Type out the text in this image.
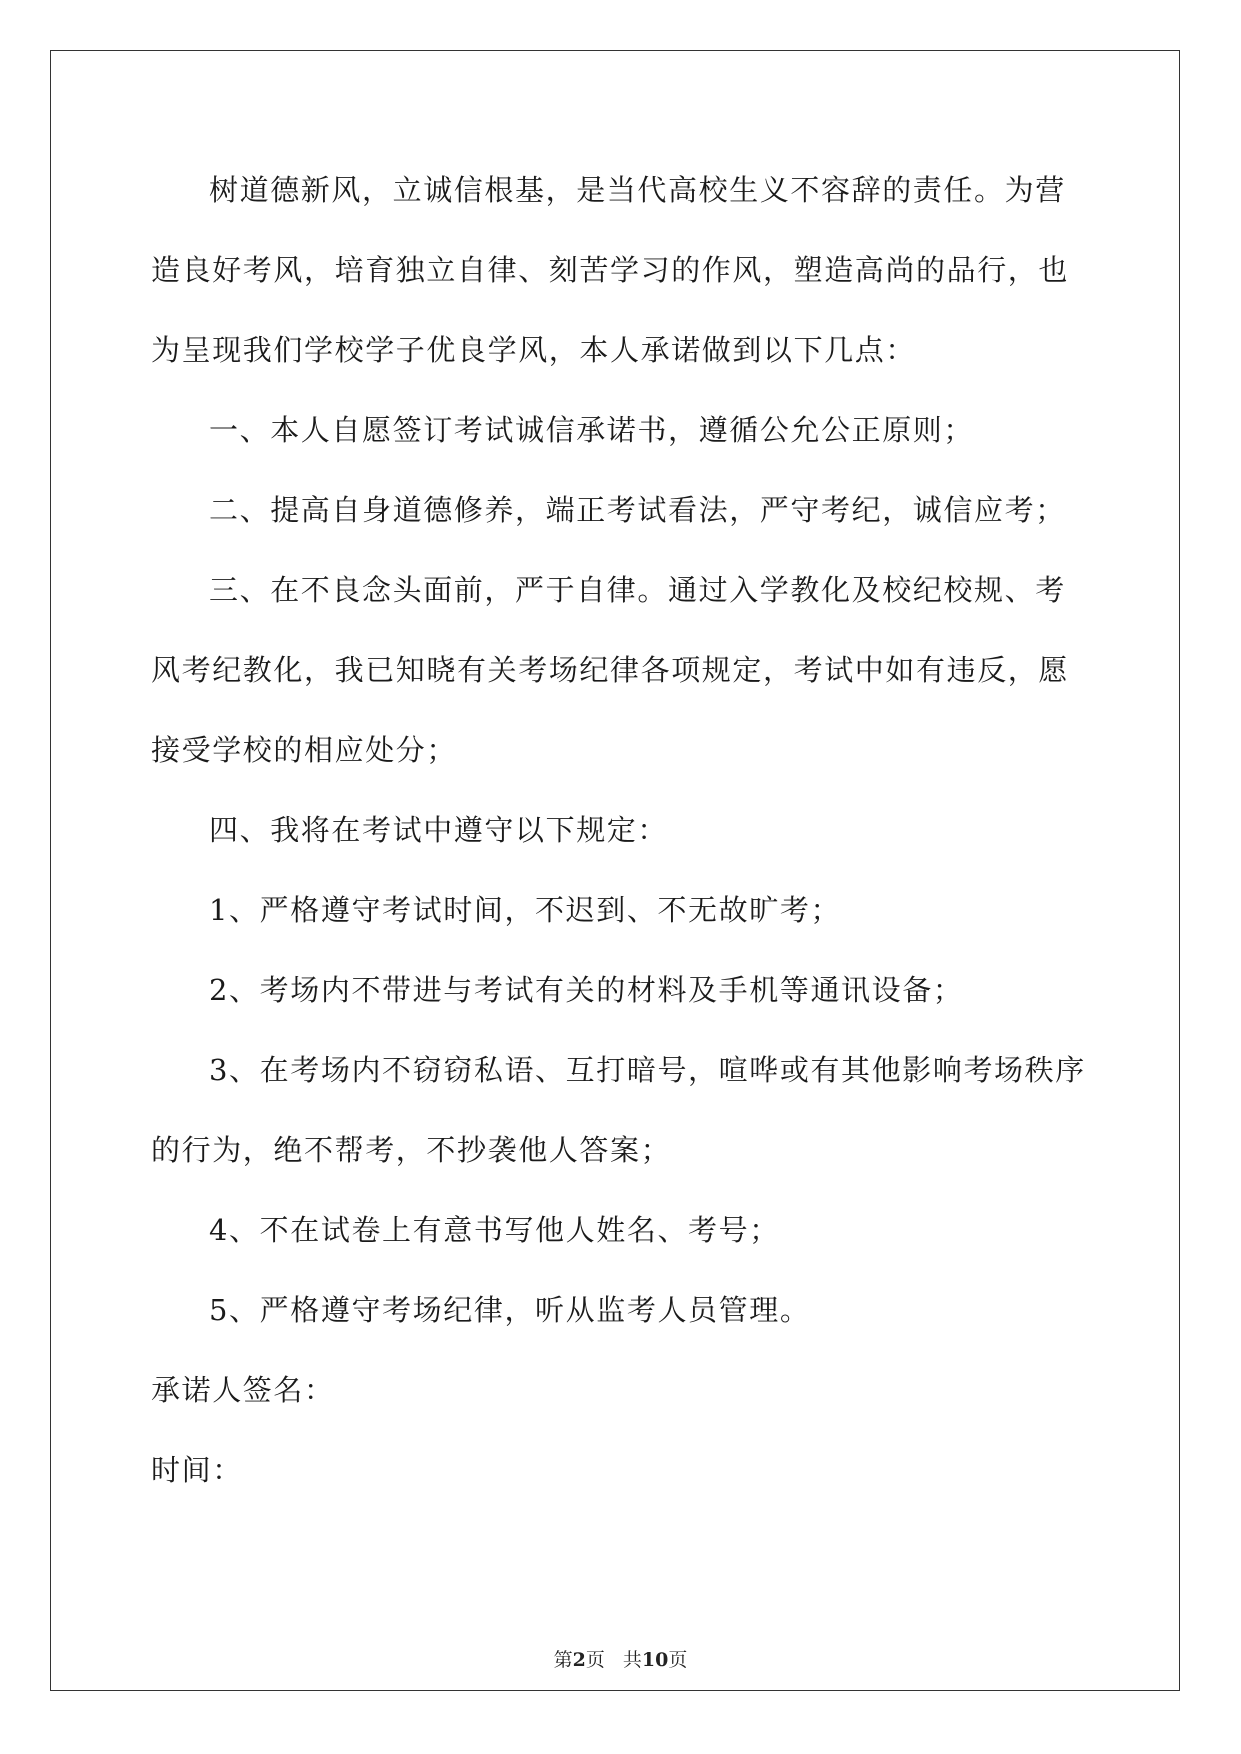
树道德新风，立诚信根基，是当代高校生义不容辞的责任。为营
造良好考风，培育独立自律、刻苦学习的作风，塑造高尚的品行，也
为呈现我们学校学子优良学风，本人承诺做到以下几点：
一、本人自愿签订考试诚信承诺书，遵循公允公正原则；
二、提高自身道德修养，端正考试看法，严守考纪，诚信应考；
三、在不良念头面前，严于自律。通过入学教化及校纪校规、考
风考纪教化，我已知晓有关考场纪律各项规定，考试中如有违反，愿
接受学校的相应处分；
四、我将在考试中遵守以下规定：
1、严格遵守考试时间，不迟到、不无故旷考；
2、考场内不带进与考试有关的材料及手机等通讯设备；
3、在考场内不窃窃私语、互打暗号，喧哗或有其他影响考场秩序
的行为，绝不帮考，不抄袭他人答案；
4、不在试卷上有意书写他人姓名、考号；
5、严格遵守考场纪律，听从监考人员管理。
承诺人签名：
时间：
第2页 共10页
